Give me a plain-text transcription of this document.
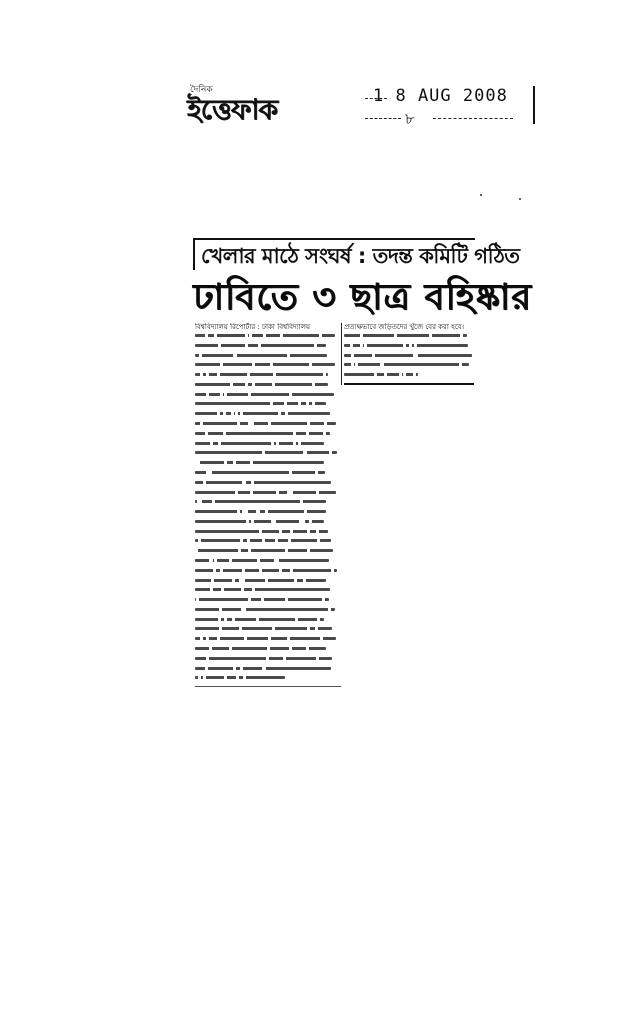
দৈনিক
ইত্তেফাক	1 8 AUG 2008
৮
খেলার মাঠে সংঘর্ষ : তদন্ত কমিটি গঠিত
ঢাবিতে ৩ ছাত্র বহিষ্কার
বিশ্ববিদ্যালয় রিপোর্টার : ঢাকা বিশ্ববিদ্যালয়	প্রত্যক্ষভাবে জড়িতদের খুঁজে বের করা হবে।
